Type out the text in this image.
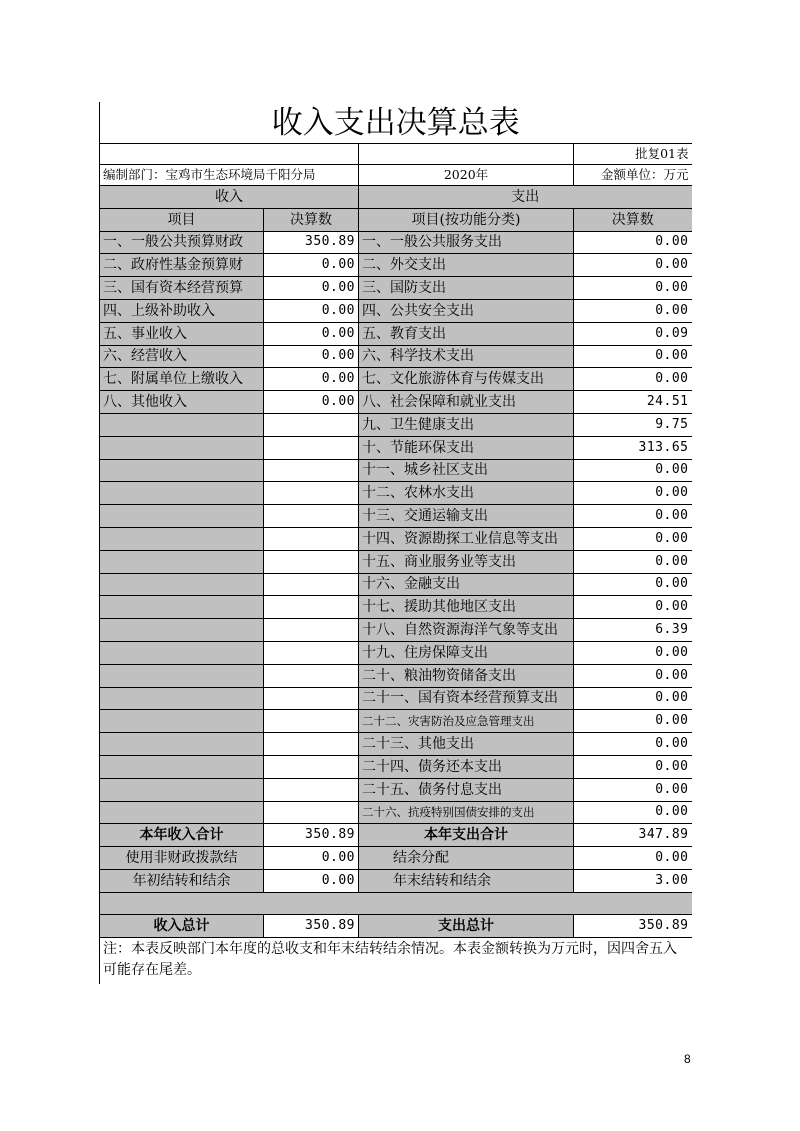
收入支出决算总表			
			批复01表
编制部门：宝鸡市生态环境局千阳分局		2020年	金额单位：万元
收入		支出	
项目	决算数	项目(按功能分类)	决算数
一、一般公共预算财政	350.89	一、一般公共服务支出	0.00
二、政府性基金预算财	0.00	二、外交支出	0.00
三、国有资本经营预算	0.00	三、国防支出	0.00
四、上级补助收入	0.00	四、公共安全支出	0.00
五、事业收入	0.00	五、教育支出	0.09
六、经营收入	0.00	六、科学技术支出	0.00
七、附属单位上缴收入	0.00	七、文化旅游体育与传媒支出	0.00
八、其他收入	0.00	八、社会保障和就业支出	24.51
		九、卫生健康支出	9.75
		十、节能环保支出	313.65
		十一、城乡社区支出	0.00
		十二、农林水支出	0.00
		十三、交通运输支出	0.00
		十四、资源勘探工业信息等支出	0.00
		十五、商业服务业等支出	0.00
		十六、金融支出	0.00
		十七、援助其他地区支出	0.00
		十八、自然资源海洋气象等支出	6.39
		十九、住房保障支出	0.00
		二十、粮油物资储备支出	0.00
		二十一、国有资本经营预算支出	0.00
		二十二、灾害防治及应急管理支出	0.00
		二十三、其他支出	0.00
		二十四、债务还本支出	0.00
		二十五、债务付息支出	0.00
		二十六、抗疫特别国债安排的支出	0.00
本年收入合计	350.89	本年支出合计	347.89
使用非财政拨款结	0.00	结余分配	0.00
年初结转和结余	0.00	年末结转和结余	3.00

收入总计	350.89	支出总计	350.89
注：本表反映部门本年度的总收支和年末结转结余情况。本表金额转换为万元时，因四舍五入可能存在尾差。			
8
